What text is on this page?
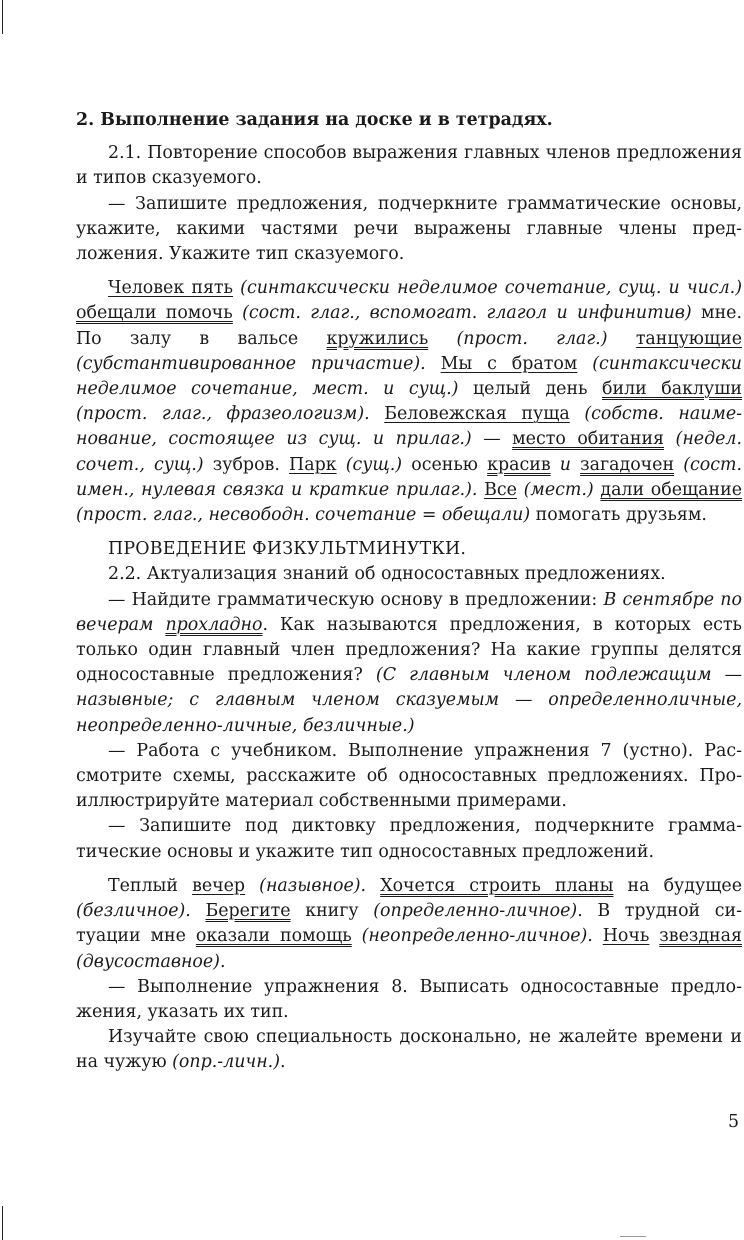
2. Выполнение задания на доске и в тетрадях.

2.1. Повторение способов выражения главных членов предложения и типов сказуемого.

— Запишите предложения, подчеркните грамматические основы, укажите, какими частями речи выражены главные члены предложения. Укажите тип сказуемого.

Человек пять (синтаксически неделимое сочетание, сущ. и числ.) обещали помочь (сост. глаг., вспомогат. глагол и инфинитив) мне. По залу в вальсе кружились (прост. глаг.) танцующие (субстантивированное причастие). Мы с братом (синтаксически неделимое сочетание, мест. и сущ.) целый день били баклуши (прост. глаг., фразеологизм). Беловежская пуща (собств. наименование, состоящее из сущ. и прилаг.) — место обитания (недел. сочет., сущ.) зубров. Парк (сущ.) осенью красив и загадочен (сост. имен., нулевая связка и краткие прилаг.). Все (мест.) дали обещание (прост. глаг., несвободн. сочетание = обещали) помогать друзьям.

ПРОВЕДЕНИЕ ФИЗКУЛЬТМИНУТКИ.

2.2. Актуализация знаний об односоставных предложениях.

— Найдите грамматическую основу в предложении: В сентябре по вечерам прохладно. Как называются предложения, в которых есть только один главный член предложения? На какие группы делятся односоставные предложения? (С главным членом подлежащим — назывные; с главным членом сказуемым — определенноличные, неопределенно-личные, безличные.)

— Работа с учебником. Выполнение упражнения 7 (устно). Рассмотрите схемы, расскажите об односоставных предложениях. Проиллюстрируйте материал собственными примерами.

— Запишите под диктовку предложения, подчеркните граммaтические основы и укажите тип односоставных предложений.

Теплый вечер (назывное). Хочется строить планы на будущее (безличное). Берегите книгу (определенно-личное). В трудной ситуации мне оказали помощь (неопределенно-личное). Ночь звездная (двусоставное).

— Выполнение упражнения 8. Выписать односоставные предложения, указать их тип.

Изучайте свою специальность досконально, не жалейте времени и на чужую (опр.-личн.).

5
